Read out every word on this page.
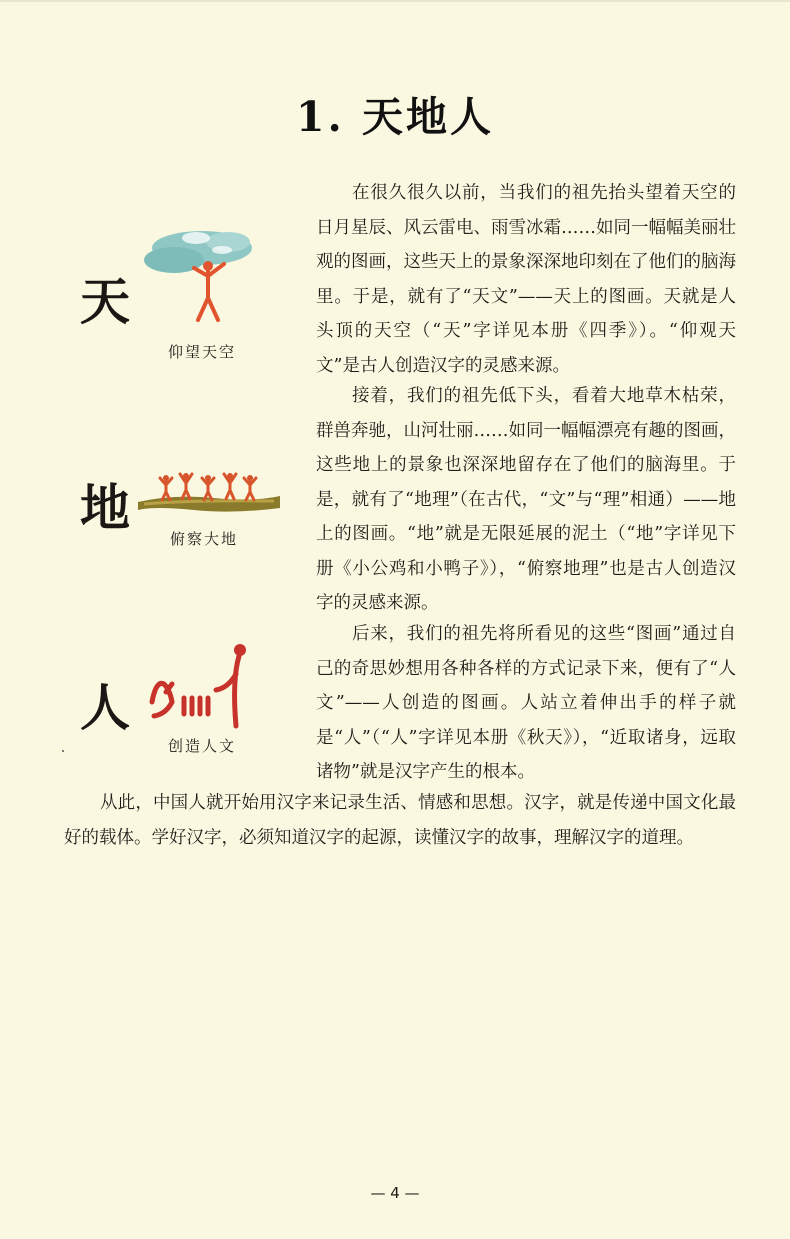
1. 天地人
天
仰望天空

在很久很久以前，当我们的祖先抬头望着天空的日月星辰、风云雷电、雨雪冰霜……如同一幅幅美丽壮观的图画，这些天上的景象深深地印刻在了他们的脑海里。于是，就有了“天文”——天上的图画。天就是人头顶的天空（“天”字详见本册《四季》）。“仰观天文”是古人创造汉字的灵感来源。

地
俯察大地

接着，我们的祖先低下头，看着大地草木枯荣，群兽奔驰，山河壮丽……如同一幅幅漂亮有趣的图画，这些地上的景象也深深地留存在了他们的脑海里。于是，就有了“地理”（在古代，“文”与“理”相通）——地上的图画。“地”就是无限延展的泥土（“地”字详见下册《小公鸡和小鸭子》），“俯察地理”也是古人创造汉字的灵感来源。

人
创造人文

后来，我们的祖先将所看见的这些“图画”通过自己的奇思妙想用各种各样的方式记录下来，便有了“人文”——人创造的图画。人站立着伸出手的样子就是“人”（“人”字详见本册《秋天》），“近取诸身，远取诸物”就是汉字产生的根本。

从此，中国人就开始用汉字来记录生活、情感和思想。汉字，就是传递中国文化最好的载体。学好汉字，必须知道汉字的起源，读懂汉字的故事，理解汉字的道理。

— 4 —
